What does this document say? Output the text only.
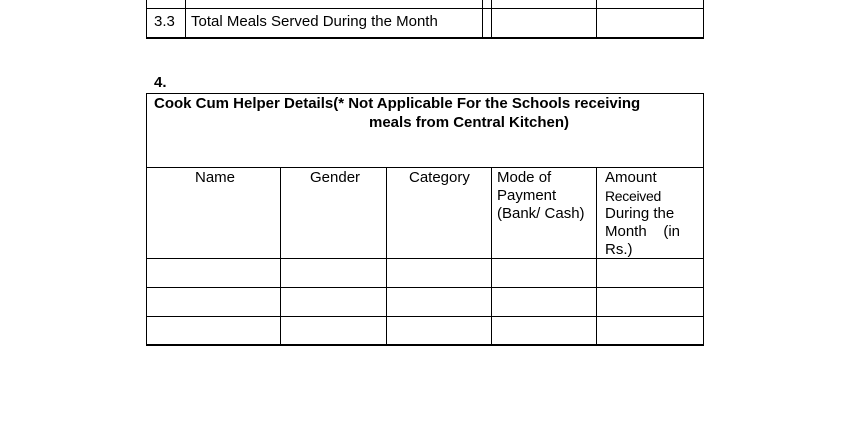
3.3 Total Meals Served During the Month
4.
Cook Cum Helper Details(* Not Applicable For the Schools receiving
meals from Central Kitchen)
Name	Gender	Category Mode of
Payment
(Bank/ Cash)
Amount
Received
During the
Month    (in
Rs.)
